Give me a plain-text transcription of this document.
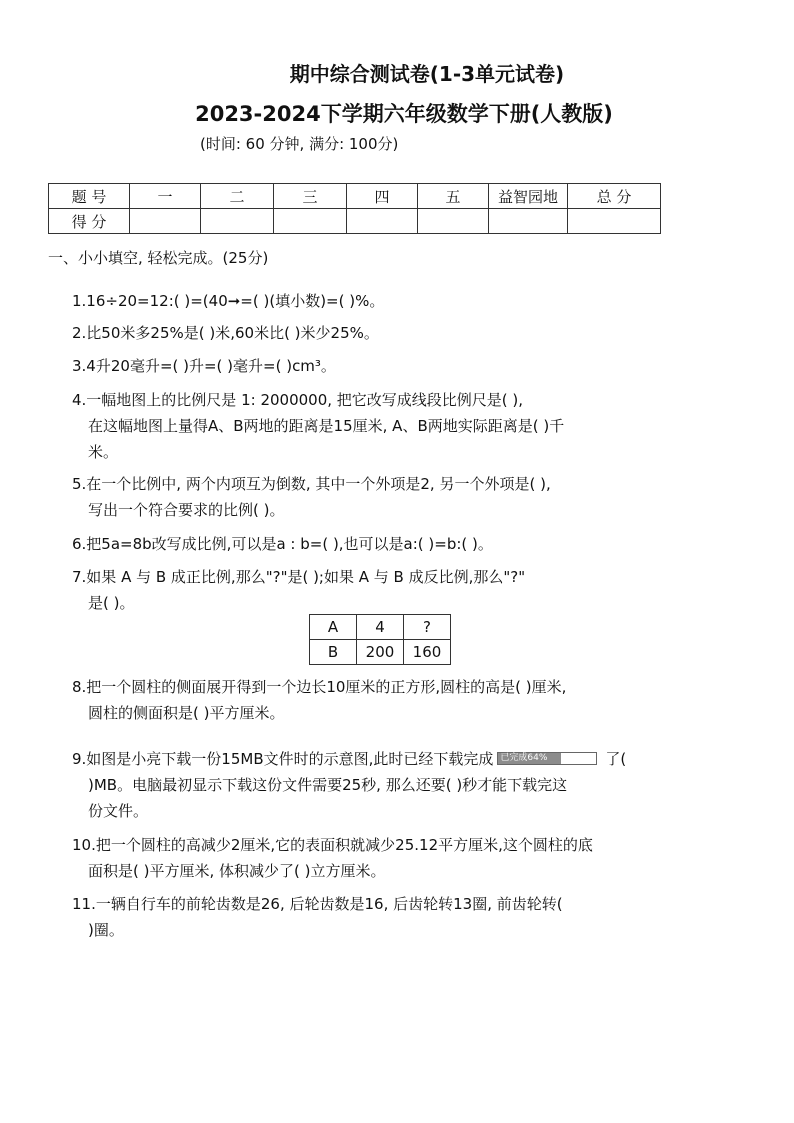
期中综合测试卷(1-3单元试卷)
2023-2024下学期六年级数学下册(人教版)
(时间: 60 分钟, 满分: 100分)
题 号	一	二	三	四	五	益智园地	总 分
得 分							
一、小小填空, 轻松完成。(25分)
1.16÷20=12:( )=(40➞=( )(填小数)=( )%。
2.比50米多25%是( )米,60米比( )米少25%。
3.4升20毫升=( )升=( )毫升=( )cm³。
4.一幅地图上的比例尺是 1: 2000000, 把它改写成线段比例尺是( ),
在这幅地图上量得A、B两地的距离是15厘米, A、B两地实际距离是( )千
米。
5.在一个比例中, 两个内项互为倒数, 其中一个外项是2, 另一个外项是( ),
写出一个符合要求的比例( )。
6.把5a=8b改写成比例,可以是a : b=( ),也可以是a:( )=b:( )。
7.如果 A 与 B 成正比例,那么"?"是( );如果 A 与 B 成反比例,那么"?"
是( )。
A	4	?
B	200	160
8.把一个圆柱的侧面展开得到一个边长10厘米的正方形,圆柱的高是( )厘米,
圆柱的侧面积是( )平方厘米。
9.如图是小亮下载一份15MB文件时的示意图,此时已经下载完成 已完成64%	了(
)MB。电脑最初显示下载这份文件需要25秒, 那么还要( )秒才能下载完这
份文件。
10.把一个圆柱的高减少2厘米,它的表面积就减少25.12平方厘米,这个圆柱的底
面积是( )平方厘米, 体积减少了( )立方厘米。
11.一辆自行车的前轮齿数是26, 后轮齿数是16, 后齿轮转13圈, 前齿轮转(
)圈。
